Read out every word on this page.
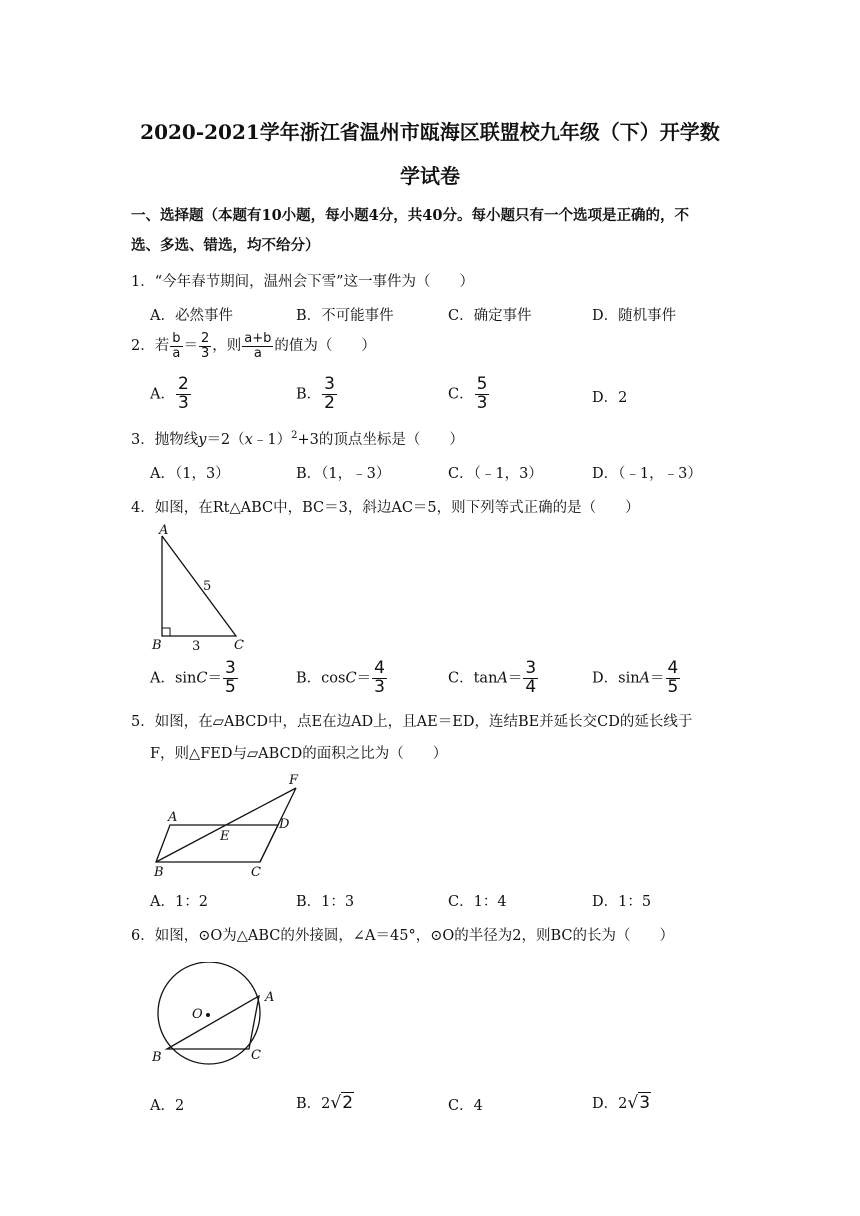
2020-2021学年浙江省温州市瓯海区联盟校九年级（下）开学数
学试卷
一、选择题（本题有10小题，每小题4分，共40分。每小题只有一个选项是正确的，不
选、多选、错选，均不给分）
1．“今年春节期间，温州会下雪”这一事件为（　　）
A．必然事件	B．不可能事件	C．确定事件	D．随机事件
2．若 $\frac{b}{a} = \frac{2}{3}$ ，则 $\frac{a+b}{a}$ 的值为（　　）
A． $\frac{2}{3}$	B． $\frac{3}{2}$	C． $\frac{5}{3}$	D．2
3．抛物线y＝2（x﹣1）$^2$+3的顶点坐标是（　　）
A．（1，3）	B．（1，﹣3）	C．（﹣1，3）	D．（﹣1，﹣3）
4．如图，在Rt△ABC中，BC＝3，斜边AC＝5，则下列等式正确的是（　　）
A
B	C
5
3
A．$\sin C= \frac{3}{5}$	B．$\cos C= \frac{4}{3}$	C．$\tan A= \frac{3}{4}$	D．$\sin A= \frac{4}{5}$
5．如图，在▱ABCD中，点E在边AD上，且AE＝ED，连结BE并延长交CD的延长线于
F，则△FED与▱ABCD的面积之比为（　　）
A
B	C
D
E
F
A．1：2	B．1：3	C．1：4	D．1：5
6．如图，⊙O为△ABC的外接圆，∠A＝45°，⊙O的半径为2，则BC的长为（　　）
O
A
B	C
A．2	B．2√2	C．4	D．2√3
